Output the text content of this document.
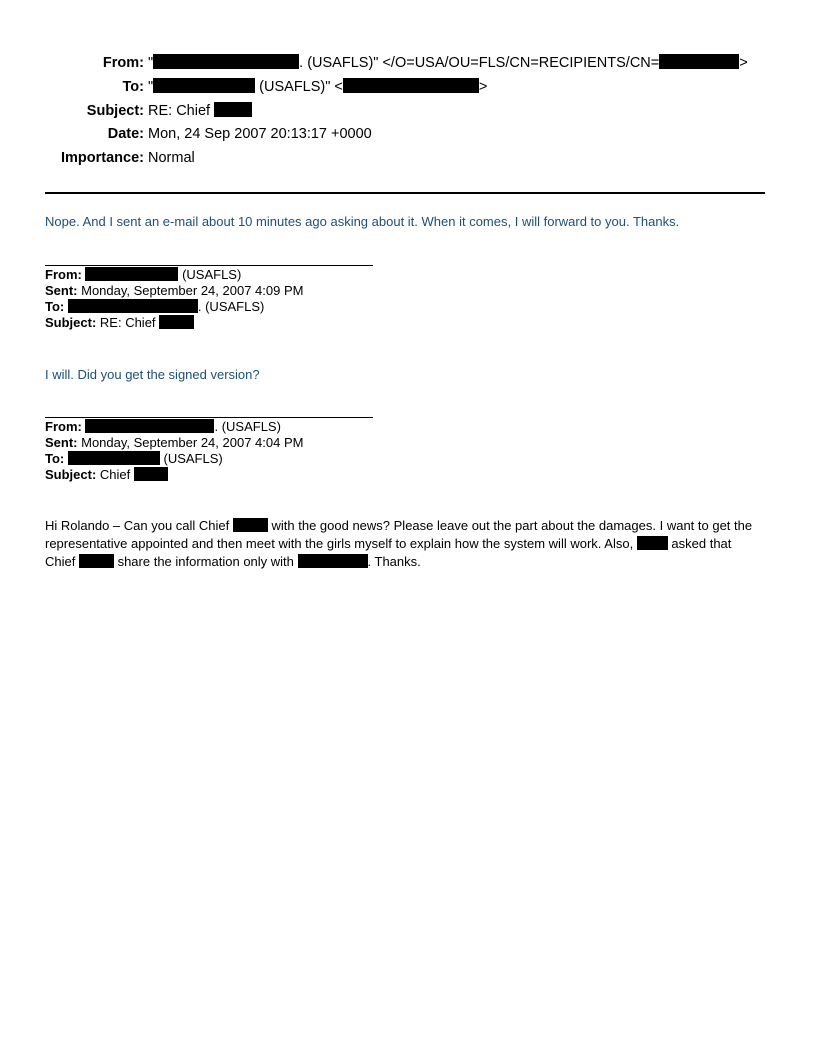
From: "	. (USAFLS)" </O=USA/OU=FLS/CN=RECIPIENTS/CN=	>
To: "	(USAFLS)" <	>
Subject: RE: Chief
Date: Mon, 24 Sep 2007 20:13:17 +0000
Importance: Normal
Nope. And I sent an e-mail about 10 minutes ago asking about it. When it comes, I will forward to you. Thanks.
From:	(USAFLS)
Sent: Monday, September 24, 2007 4:09 PM
To:	. (USAFLS)
Subject: RE: Chief
I will. Did you get the signed version?
From:	. (USAFLS)
Sent: Monday, September 24, 2007 4:04 PM
To:	(USAFLS)
Subject: Chief
Hi Rolando – Can you call Chief	with the good news? Please leave out the part about the damages. I want to get the representative appointed and then meet with the girls myself to explain how the system will work. Also,  asked that Chief	share the information only with	. Thanks.
